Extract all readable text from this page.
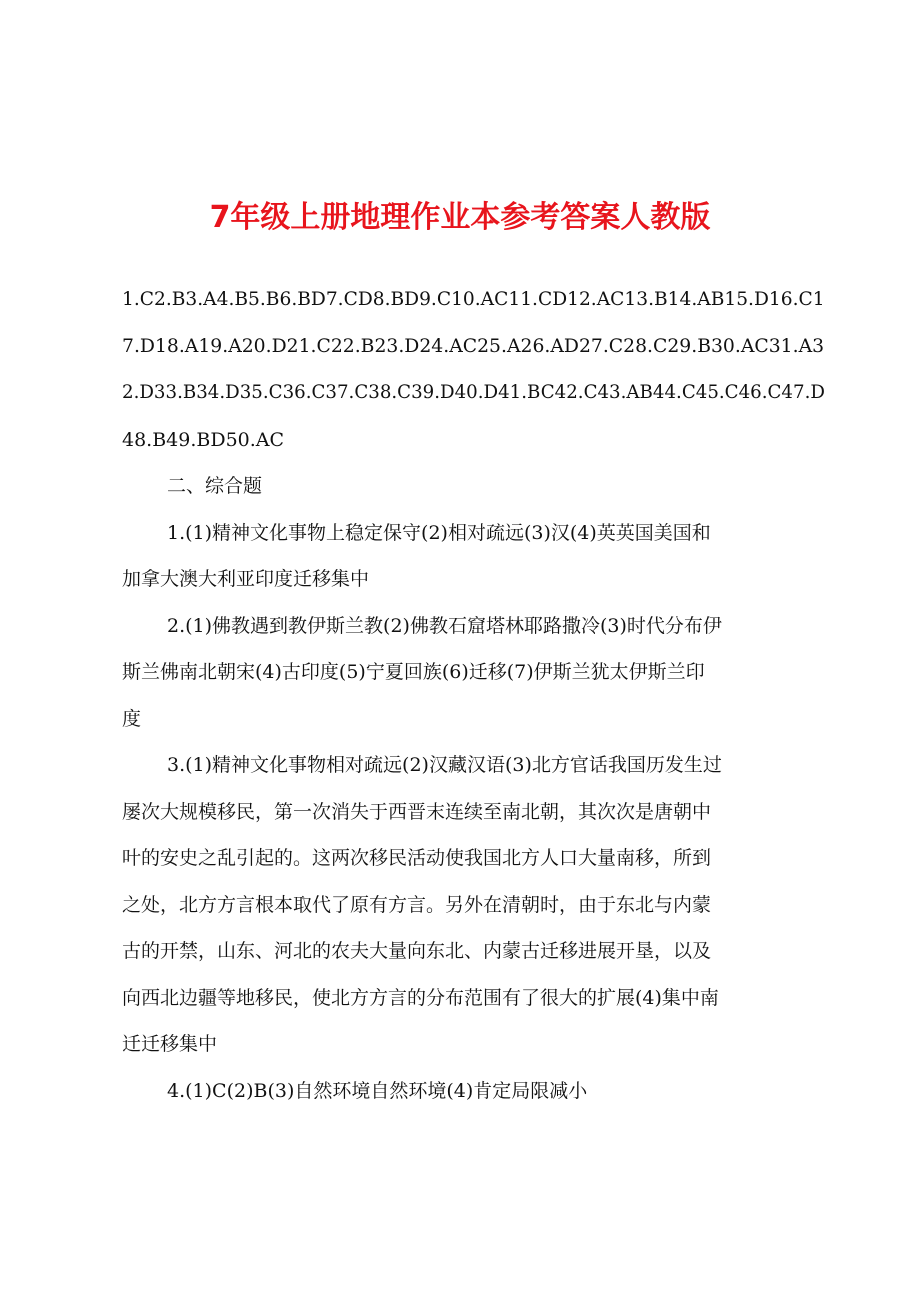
7年级上册地理作业本参考答案人教版
1.C2.B3.A4.B5.B6.BD7.CD8.BD9.C10.AC11.CD12.AC13.B14.AB15.D16.C1
7.D18.A19.A20.D21.C22.B23.D24.AC25.A26.AD27.C28.C29.B30.AC31.A3
2.D33.B34.D35.C36.C37.C38.C39.D40.D41.BC42.C43.AB44.C45.C46.C47.D
48.B49.BD50.AC
二、综合题
1.(1)精神文化事物上稳定保守(2)相对疏远(3)汉(4)英英国美国和
加拿大澳大利亚印度迁移集中
2.(1)佛教遇到教伊斯兰教(2)佛教石窟塔林耶路撒冷(3)时代分布伊
斯兰佛南北朝宋(4)古印度(5)宁夏回族(6)迁移(7)伊斯兰犹太伊斯兰印
度
3.(1)精神文化事物相对疏远(2)汉藏汉语(3)北方官话我国历发生过
屡次大规模移民，第一次消失于西晋末连续至南北朝，其次次是唐朝中
叶的安史之乱引起的。这两次移民活动使我国北方人口大量南移，所到
之处，北方方言根本取代了原有方言。另外在清朝时，由于东北与内蒙
古的开禁，山东、河北的农夫大量向东北、内蒙古迁移进展开垦，以及
向西北边疆等地移民，使北方方言的分布范围有了很大的扩展(4)集中南
迁迁移集中
4.(1)C(2)B(3)自然环境自然环境(4)肯定局限减小
